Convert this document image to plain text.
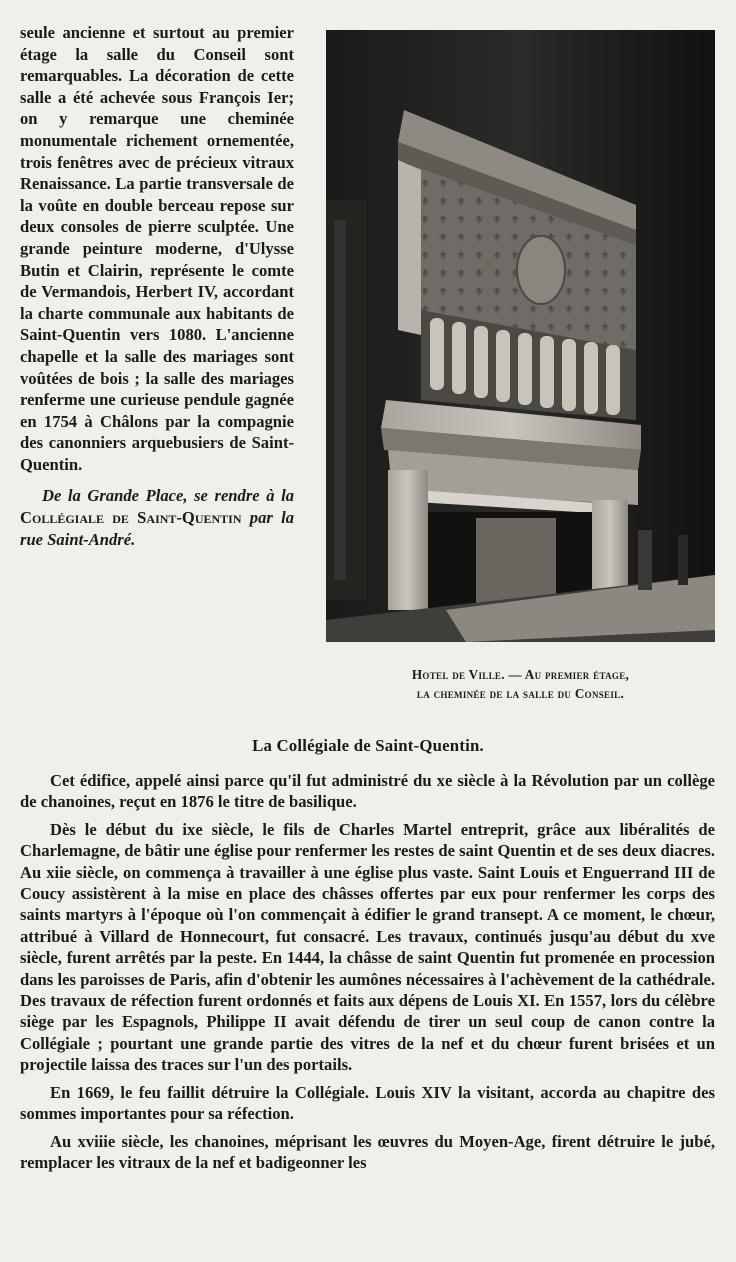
seule ancienne et surtout au premier étage la salle du Conseil sont remarquables. La décoration de cette salle a été achevée sous François Ier; on y remarque une cheminée monumentale richement ornementée, trois fenêtres avec de précieux vitraux Renaissance. La partie transversale de la voûte en double berceau repose sur deux consoles de pierre sculptée. Une grande peinture moderne, d'Ulysse Butin et Clairin, représente le comte de Vermandois, Herbert IV, accordant la charte communale aux habitants de Saint-Quentin vers 1080. L'ancienne chapelle et la salle des mariages sont voûtées de bois ; la salle des mariages renferme une curieuse pendule gagnée en 1754 à Châlons par la compagnie des canonniers arquebusiers de Saint-Quentin.

De la Grande Place, se rendre à la Collégiale de Saint-Quentin par la rue Saint-André.

Hotel de Ville. — Au premier étage,
la cheminée de la salle du Conseil.
La Collégiale de Saint-Quentin.

Cet édifice, appelé ainsi parce qu'il fut administré du xe siècle à la Révolution par un collège de chanoines, reçut en 1876 le titre de basilique.

Dès le début du ixe siècle, le fils de Charles Martel entreprit, grâce aux libéralités de Charlemagne, de bâtir une église pour renfermer les restes de saint Quentin et de ses deux diacres. Au xiie siècle, on commença à travailler à une église plus vaste. Saint Louis et Enguerrand III de Coucy assistèrent à la mise en place des châsses offertes par eux pour renfermer les corps des saints martyrs à l'époque où l'on commençait à édifier le grand transept. A ce moment, le chœur, attribué à Villard de Honnecourt, fut consacré. Les travaux, continués jusqu'au début du xve siècle, furent arrêtés par la peste. En 1444, la châsse de saint Quentin fut promenée en procession dans les paroisses de Paris, afin d'obtenir les aumônes nécessaires à l'achèvement de la cathédrale. Des travaux de réfection furent ordonnés et faits aux dépens de Louis XI. En 1557, lors du célèbre siège par les Espagnols, Philippe II avait défendu de tirer un seul coup de canon contre la Collégiale ; pourtant une grande partie des vitres de la nef et du chœur furent brisées et un projectile laissa des traces sur l'un des portails.

En 1669, le feu faillit détruire la Collégiale. Louis XIV la visitant, accorda au chapitre des sommes importantes pour sa réfection.

Au xviiie siècle, les chanoines, méprisant les œuvres du Moyen-Age, firent détruire le jubé, remplacer les vitraux de la nef et badigeonner les
